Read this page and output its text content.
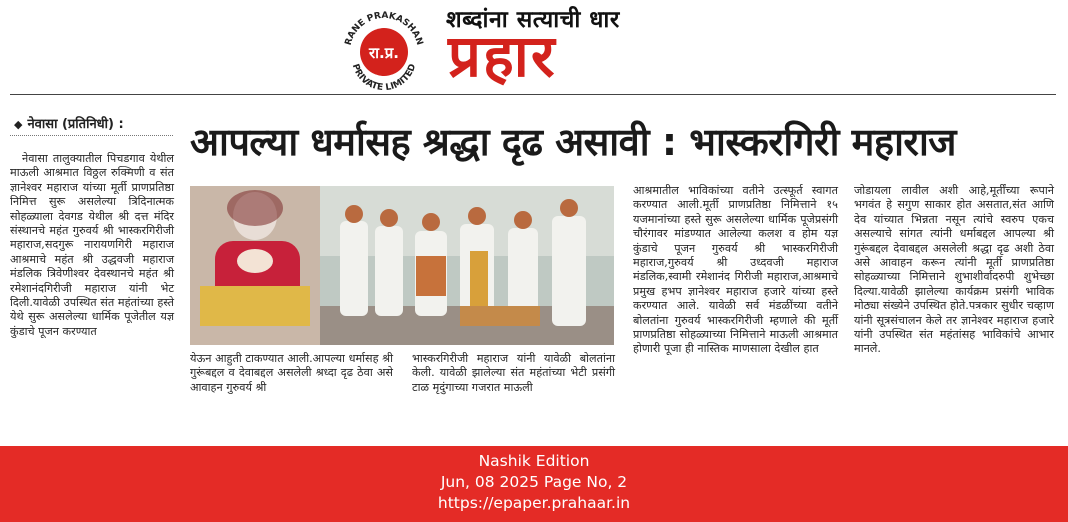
रा.प्र.
RANE PRAKASHAN
PRIVATE LIMITED
शब्दांना सत्याची धार
प्रहार
◆ नेवासा (प्रतिनिधी) : आपल्या धर्मासह श्रद्धा दृढ असावी : भास्करगिरी महाराज
नेवासा तालुक्यातील पिचडगाव येथील माऊली आश्रमात विठ्ठल रुक्मिणी व संत ज्ञानेश्वर महाराज यांच्या मूर्ती प्राणप्रतिष्ठा निमित्त सुरू असलेल्या त्रिदिनात्मक सोहळ्याला देवगड येथील श्री दत्त मंदिर संस्थानचे महंत गुरुवर्य श्री भास्करगिरीजी महाराज,सदगुरू नारायणगिरी महाराज आश्रमाचे महंत श्री उद्धवजी महाराज मंडलिक त्रिवेणीश्वर देवस्थानचे महंत श्री रमेशानंदगिरीजी महाराज यांनी भेट दिली.यावेळी उपस्थित संत महंतांच्या हस्ते येथे सुरू असलेल्या धार्मिक पूजेतील यज्ञ कुंडाचे पूजन करण्यात
येऊन आहुती टाकण्यात आली.आपल्या धर्मासह श्री गुरूंबद्दल व देवाबद्दल असलेली श्रध्दा दृढ ठेवा असे आवाहन गुरुवर्य श्री
भास्करगिरीजी महाराज यांनी यावेळी बोलतांना केली. यावेळी झालेल्या संत महंतांच्या भेटी प्रसंगी टाळ मृदुंगाच्या गजरात माऊली
आश्रमातील भाविकांच्या वतीने उत्स्फूर्त स्वागत करण्यात आली.मूर्ती प्राणप्रतिष्ठा निमित्ताने १५ यजमानांच्या हस्ते सुरू असलेल्या धार्मिक पूजेप्रसंगी चौरंगावर मांडण्यात आलेल्या कलश व होम यज्ञ कुंडाचे पूजन गुरुवर्य श्री भास्करगिरीजी महाराज,गुरुवर्य श्री उध्दवजी महाराज मंडलिक,स्वामी रमेशानंद गिरीजी महाराज,आश्रमाचे प्रमुख हभप ज्ञानेश्वर महाराज हजारे यांच्या हस्ते करण्यात आले. यावेळी सर्व मंडळींच्या वतीने बोलतांना गुरुवर्य भास्करगिरीजी म्हणाले की मूर्ती प्राणप्रतिष्ठा सोहळ्याच्या निमित्ताने माऊली आश्रमात होणारी पूजा ही नास्तिक माणसाला देखील हात
जोडायला लावील अशी आहे,मूर्तींच्या रूपाने भगवंत हे सगुण साकार होत असतात,संत आणि देव यांच्यात भिन्नता नसून त्यांचे स्वरुप एकच असल्याचे सांगत त्यांनी धर्माबद्दल आपल्या श्री गुरूंबद्दल देवाबद्दल असलेली श्रद्धा दृढ अशी ठेवा असे आवाहन करून त्यांनी मूर्ती प्राणप्रतिष्ठा सोहळ्याच्या निमित्ताने शुभाशीर्वादरुपी शुभेच्छा दिल्या.यावेळी झालेल्या कार्यक्रम प्रसंगी भाविक मोठ्या संख्येने उपस्थित होते.पत्रकार सुधीर चव्हाण यांनी सूत्रसंचालन केले तर ज्ञानेश्वर महाराज हजारे यांनी उपस्थित संत महंतांसह भाविकांचे आभार मानले.
Nashik Edition
Jun, 08 2025 Page No, 2
https://epaper.prahaar.in
